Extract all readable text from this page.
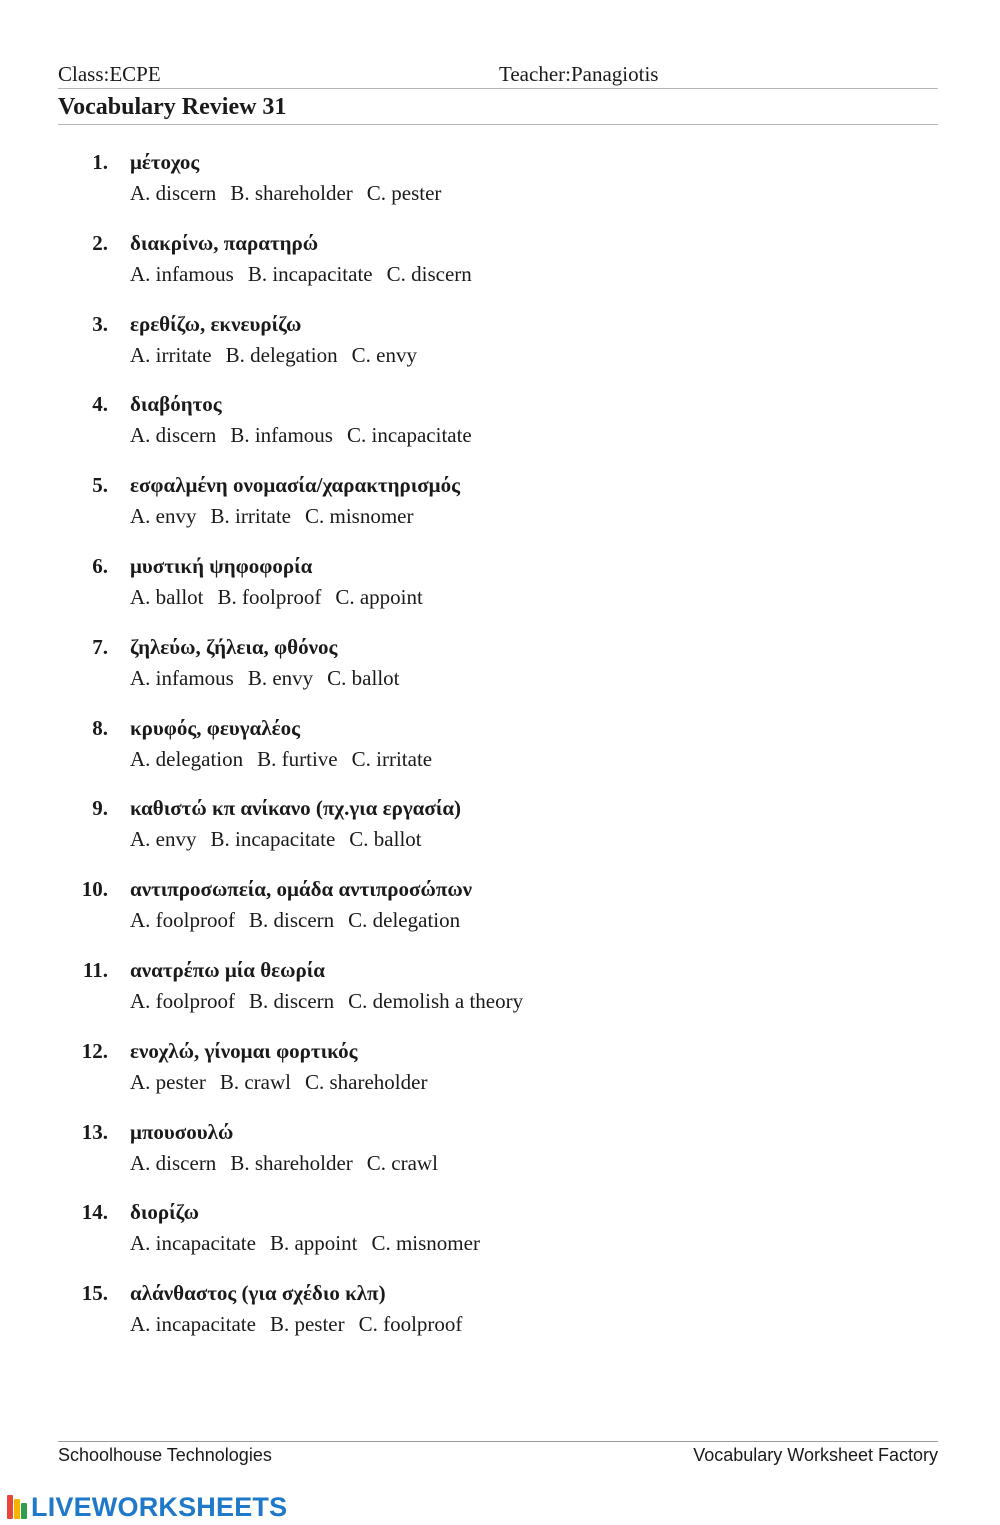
Class:ECPE	Teacher:Panagiotis
Vocabulary Review 31
1. μέτοχος
A. discern B. shareholder C. pester
2. διακρίνω, παρατηρώ
A. infamous B. incapacitate C. discern
3. ερεθίζω, εκνευρίζω
A. irritate B. delegation C. envy
4. διαβόητος
A. discern B. infamous C. incapacitate
5. εσφαλμένη ονομασία/χαρακτηρισμός
A. envy B. irritate C. misnomer
6. μυστική ψηφοφορία
A. ballot B. foolproof C. appoint
7. ζηλεύω, ζήλεια, φθόνος
A. infamous B. envy C. ballot
8. κρυφός, φευγαλέος
A. delegation B. furtive C. irritate
9. καθιστώ κπ ανίκανο (πχ.για εργασία)
A. envy B. incapacitate C. ballot
10. αντιπροσωπεία, ομάδα αντιπροσώπων
A. foolproof B. discern C. delegation
11. ανατρέπω μία θεωρία
A. foolproof B. discern C. demolish a theory
12. ενοχλώ, γίνομαι φορτικός
A. pester B. crawl C. shareholder
13. μπουσουλώ
A. discern B. shareholder C. crawl
14. διορίζω
A. incapacitate B. appoint C. misnomer
15. αλάνθαστος (για σχέδιο κλπ)
A. incapacitate B. pester C. foolproof
Schoolhouse Technologies	Vocabulary Worksheet Factory
LIVEWORKSHEETS
